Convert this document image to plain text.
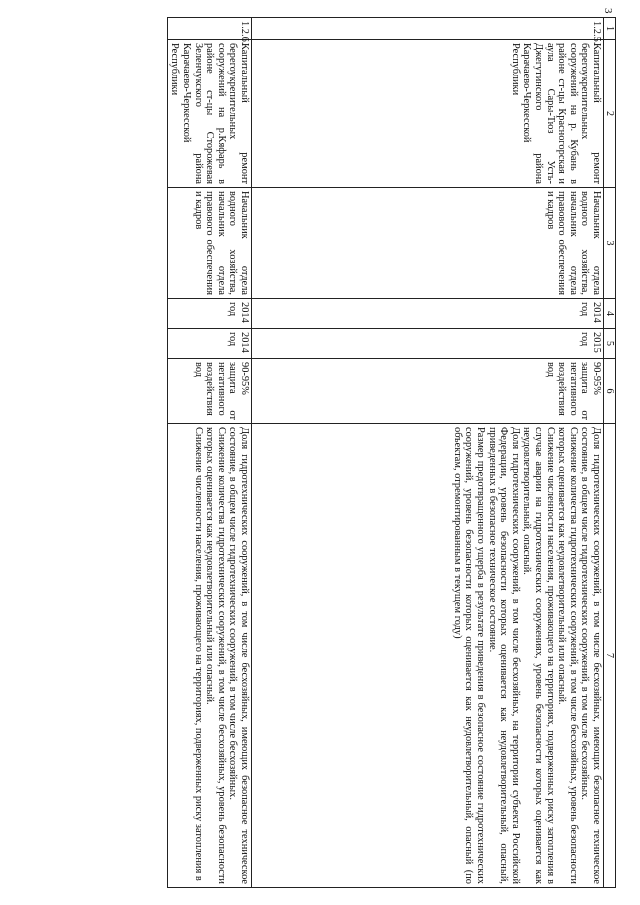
3
1	2	3	4	5	6	7
1.2.5.	Капитальный ремонт берегоукрепительных сооружений на р. Кубань в районе ст-цы Красногорская и аула Сары-Тюз Усть-Джегутинского района Карачаево-Черкесской Республики	Начальник отдела водного хозяйства, начальник отдела правового обеспечения и кадров	2014 год	2015 год	90-95% защита от негативного воздействия вод	Доля гидротехнических сооружений, в том числе бесхозяйных, имеющих безопасное техническое состояние, в общем числе гидротехнических сооружений, в том числе бесхозяйных.
Снижение количества гидротехнических сооружений, в том числе бесхозяйных, уровень безопасности которых оценивается как неудовлетворительный или опасный.
Снижение численности населения, проживающего на территориях, подверженных риску затопления в случае аварии на гидротехнических сооружениях, уровень безопасности которых оценивается как неудовлетворительный, опасный.
Доля гидротехнических сооружений, в том числе бесхозяйных, на территории субъекта Российской Федерации, уровень безопасности которых оценивается как неудовлетворительный, опасный, приведенных в безопасное техническое состояние.
Размер предотвращенного ущерба в результате приведения в безопасное состояние гидротехнических сооружений, уровень безопасности которых оценивается как неудовлетворительный, опасный (по объектам, отремонтированным в текущем году)

1.2.6.	Капитальный ремонт берегоукрепительных сооружений на р.Кяфарь в районе ст-цы Сторожевая Зеленчукского района Карачаево-Черкесской Республики	Начальник отдела водного хозяйства, начальник отдела правового обеспечения и кадров	2014 год	2014 год	90-95% защита от негативного воздействия вод	Доля гидротехнических сооружений, в том числе бесхозяйных, имеющих безопасное техническое состояние, в общем числе гидротехнических сооружений, в том числе бесхозяйных.
Снижение количества гидротехнических сооружений, в том числе бесхозяйных, уровень безопасности которых оценивается как неудовлетворительный или опасный.
Снижение численности населения, проживающего на территориях, подверженных риску затопления в
